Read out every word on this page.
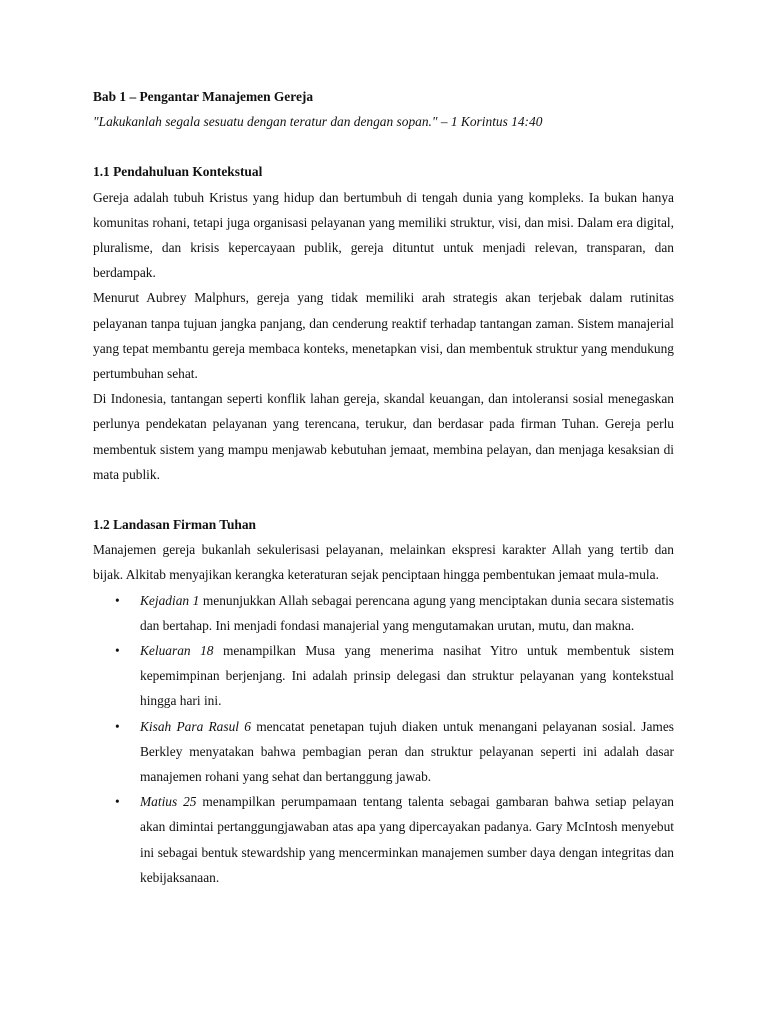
Bab 1 – Pengantar Manajemen Gereja

"Lakukanlah segala sesuatu dengan teratur dan dengan sopan." – 1 Korintus 14:40

1.1 Pendahuluan Kontekstual

Gereja adalah tubuh Kristus yang hidup dan bertumbuh di tengah dunia yang kompleks. Ia bukan hanya komunitas rohani, tetapi juga organisasi pelayanan yang memiliki struktur, visi, dan misi. Dalam era digital, pluralisme, dan krisis kepercayaan publik, gereja dituntut untuk menjadi relevan, transparan, dan berdampak.

Menurut Aubrey Malphurs, gereja yang tidak memiliki arah strategis akan terjebak dalam rutinitas pelayanan tanpa tujuan jangka panjang, dan cenderung reaktif terhadap tantangan zaman. Sistem manajerial yang tepat membantu gereja membaca konteks, menetapkan visi, dan membentuk struktur yang mendukung pertumbuhan sehat.

Di Indonesia, tantangan seperti konflik lahan gereja, skandal keuangan, dan intoleransi sosial menegaskan perlunya pendekatan pelayanan yang terencana, terukur, dan berdasar pada firman Tuhan. Gereja perlu membentuk sistem yang mampu menjawab kebutuhan jemaat, membina pelayan, dan menjaga kesaksian di mata publik.

1.2 Landasan Firman Tuhan

Manajemen gereja bukanlah sekulerisasi pelayanan, melainkan ekspresi karakter Allah yang tertib dan bijak. Alkitab menyajikan kerangka keteraturan sejak penciptaan hingga pembentukan jemaat mula-mula.

• Kejadian 1 menunjukkan Allah sebagai perencana agung yang menciptakan dunia secara sistematis dan bertahap. Ini menjadi fondasi manajerial yang mengutamakan urutan, mutu, dan makna.
• Keluaran 18 menampilkan Musa yang menerima nasihat Yitro untuk membentuk sistem kepemimpinan berjenjang. Ini adalah prinsip delegasi dan struktur pelayanan yang kontekstual hingga hari ini.
• Kisah Para Rasul 6 mencatat penetapan tujuh diaken untuk menangani pelayanan sosial. James Berkley menyatakan bahwa pembagian peran dan struktur pelayanan seperti ini adalah dasar manajemen rohani yang sehat dan bertanggung jawab.
• Matius 25 menampilkan perumpamaan tentang talenta sebagai gambaran bahwa setiap pelayan akan dimintai pertanggungjawaban atas apa yang dipercayakan padanya. Gary McIntosh menyebut ini sebagai bentuk stewardship yang mencerminkan manajemen sumber daya dengan integritas dan kebijaksanaan.
